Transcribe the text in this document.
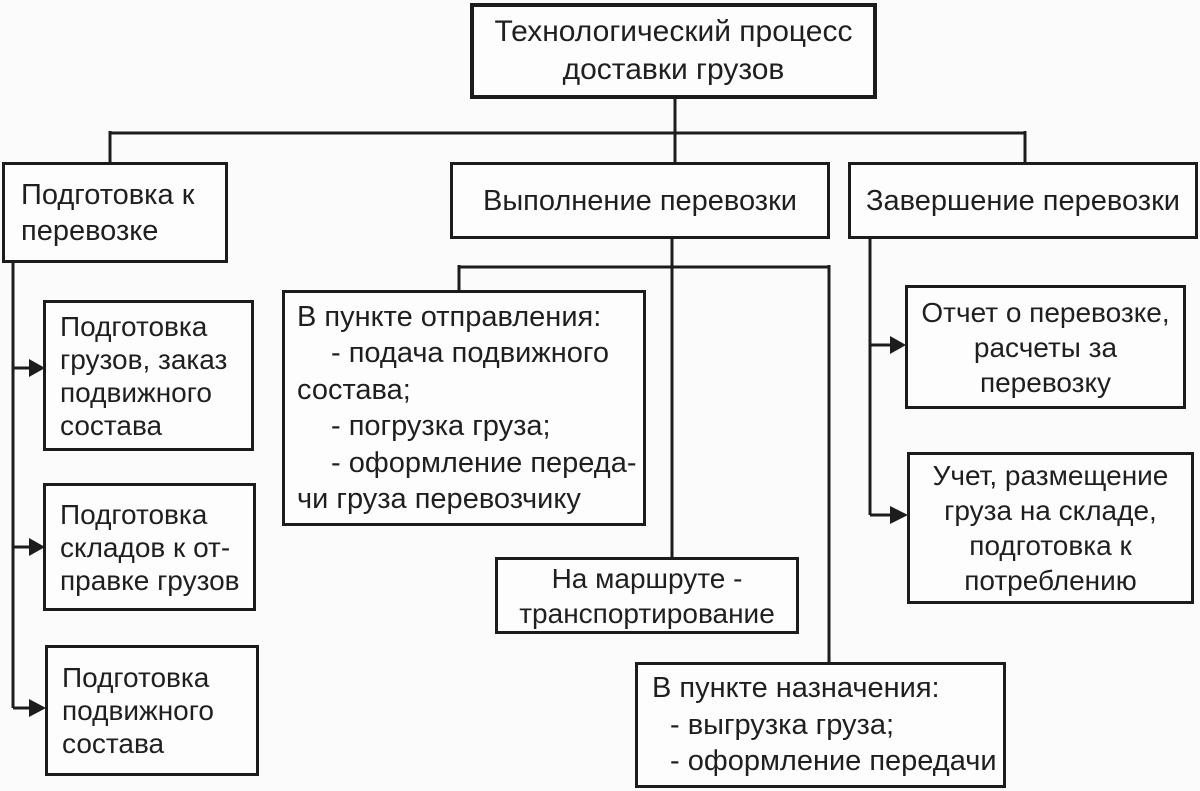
Технологический процесс
доставки грузов
Подготовка к
перевозке
Выполнение перевозки Завершение перевозки
Подготовка
грузов, заказ
подвижного
состава
Подготовка
складов к от-
правке грузов
Подготовка
подвижного
состава
В пункте отправления:
- подача подвижного
состава;
- погрузка груза;
- оформление переда-
чи груза перевозчику
На маршруте -
транспортирование
В пункте назначения:
- выгрузка груза;
- оформление передачи
Отчет о перевозке,
расчеты за
перевозку
Учет, размещение
груза на складе,
подготовка к
потреблению
